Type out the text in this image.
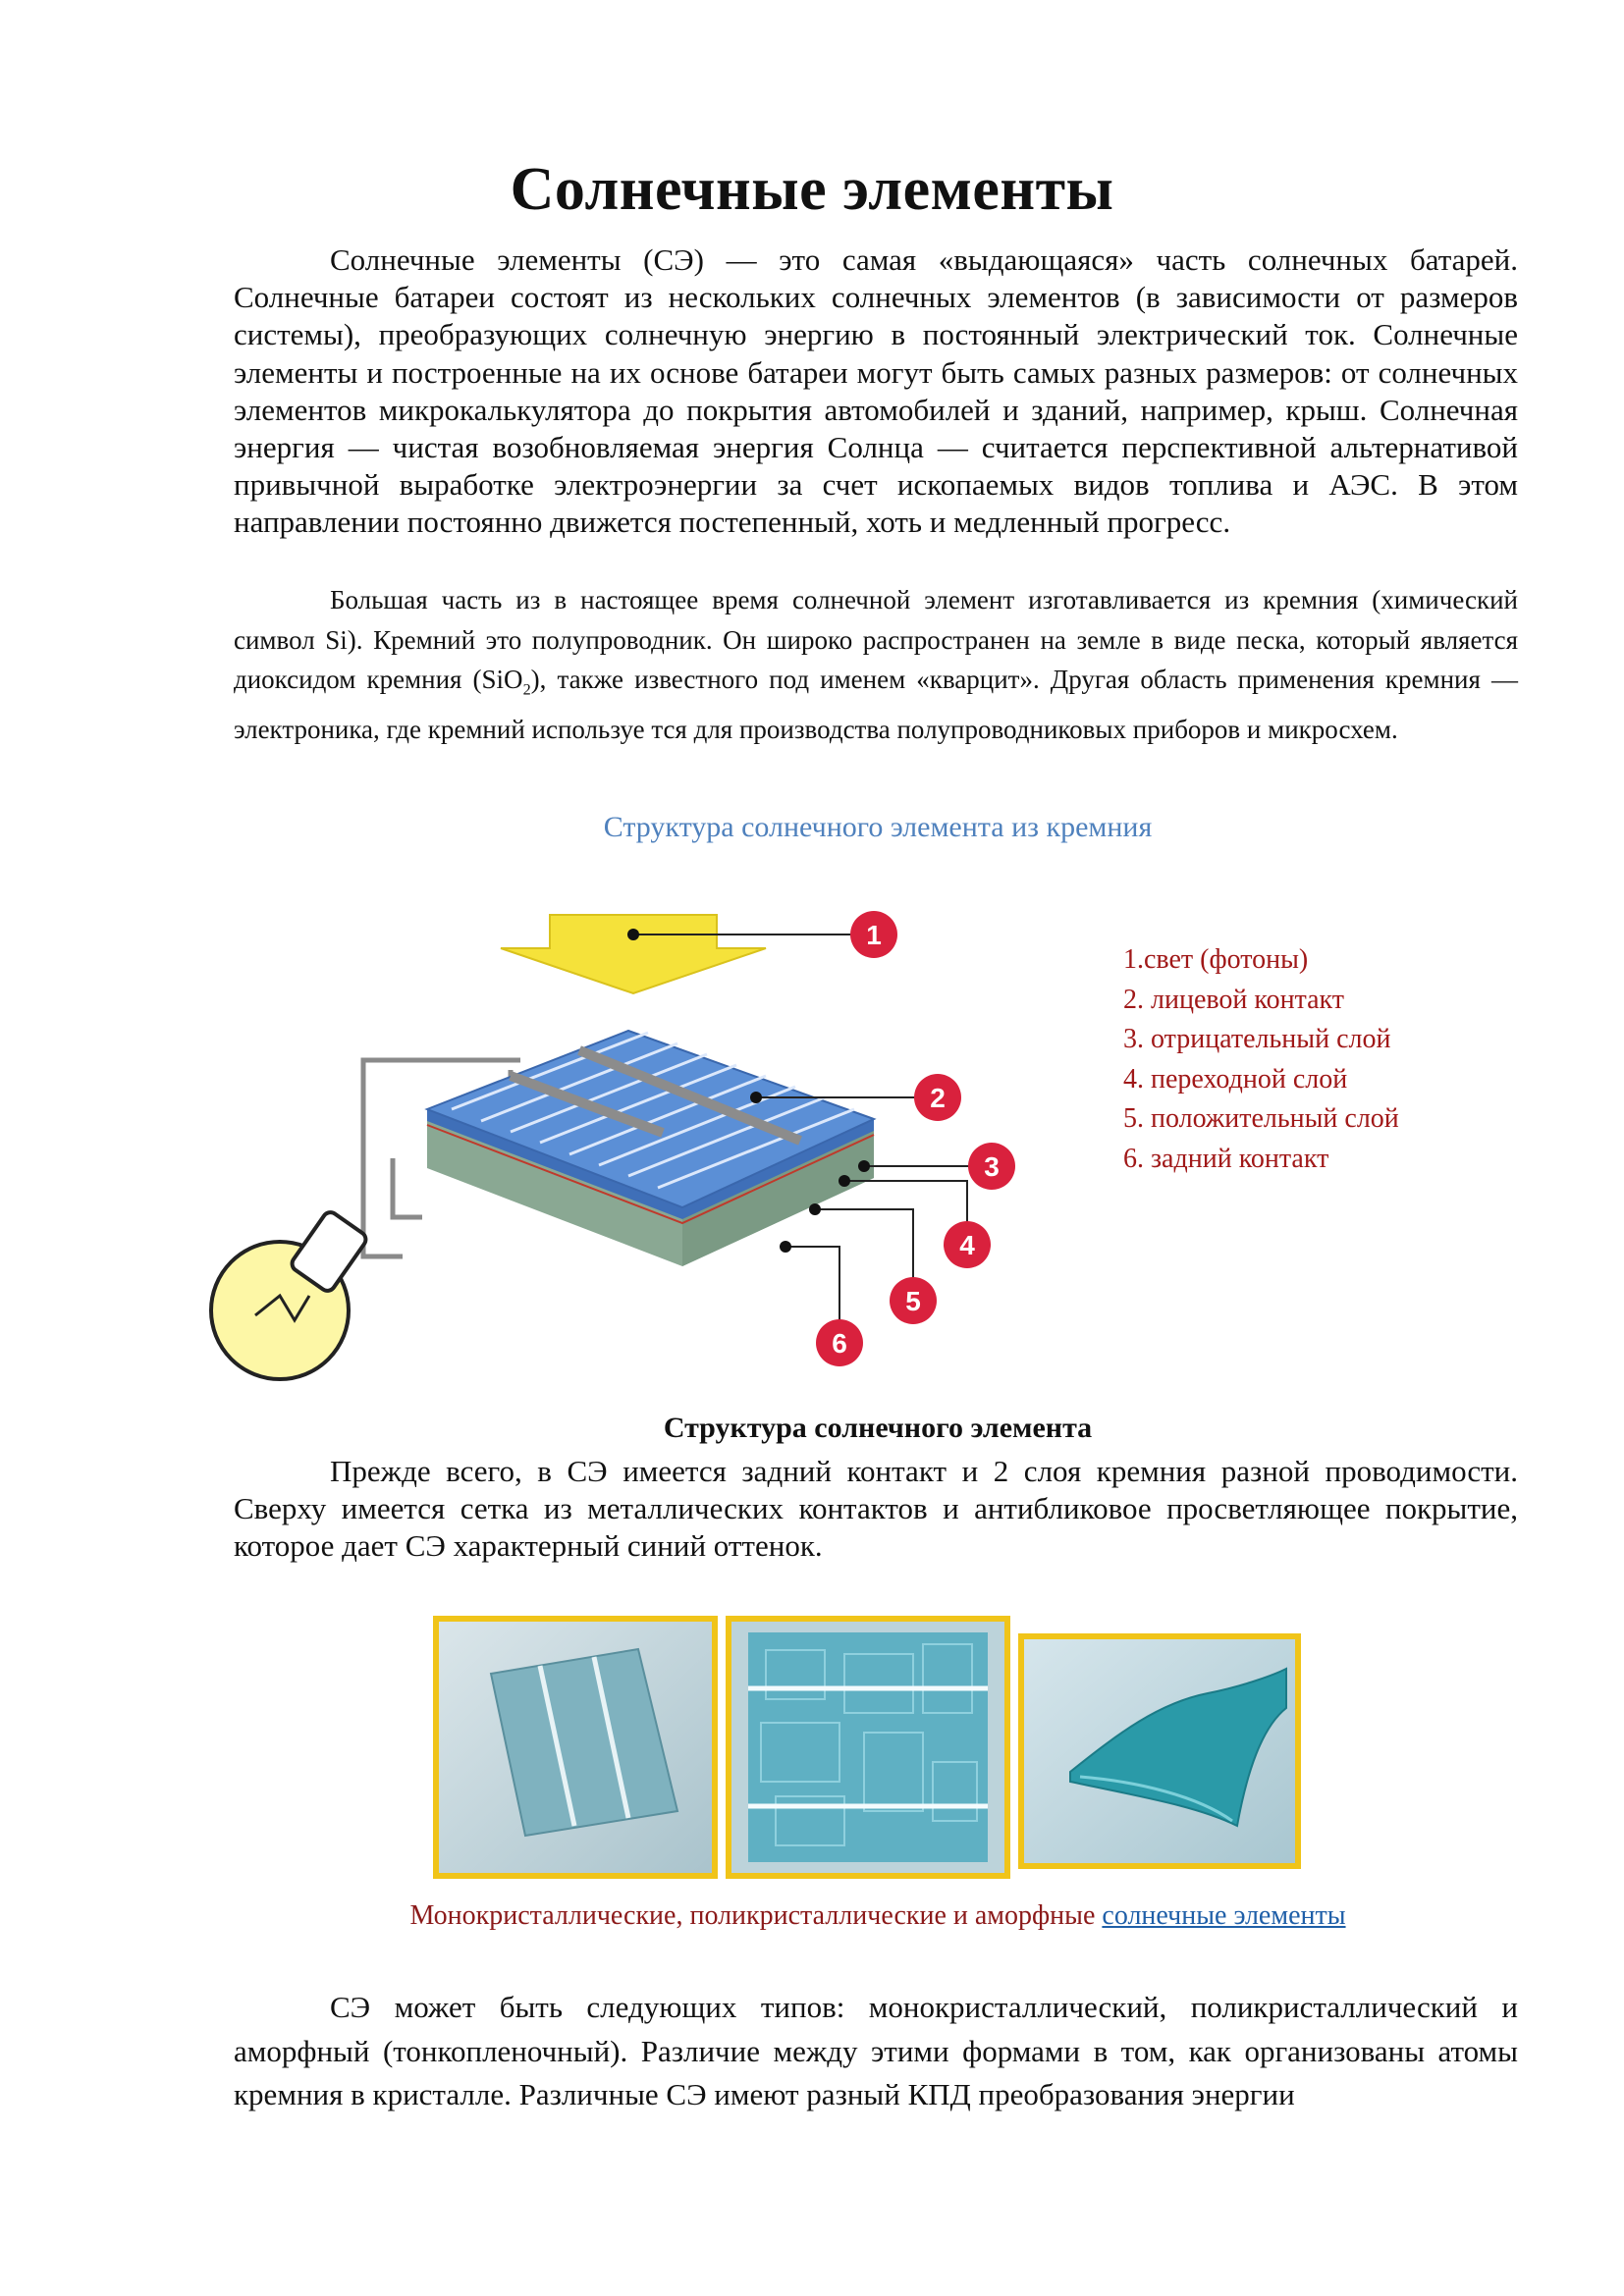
Солнечные элементы

Солнечные элементы (СЭ) — это самая «выдающаяся» часть солнечных батарей. Солнечные батареи состоят из нескольких солнечных элементов (в зависимости от размеров системы), преобразующих солнечную энергию в постоянный электрический ток. Солнечные элементы и построенные на их основе батареи могут быть самых разных размеров: от солнечных элементов микрокалькулятора до покрытия автомобилей и зданий, например, крыш. Солнечная энергия — чистая возобновляемая энергия Солнца — считается перспективной альтернативой привычной выработке электроэнергии за счет ископаемых видов топлива и АЭС. В этом направлении постоянно движется постепенный, хоть и медленный прогресс.

Большая часть из в настоящее время солнечной элемент изготавливается из кремния (химический символ Si). Кремний это полупроводник. Он широко распространен на земле в виде песка, который является диоксидом кремния (SiO$_2$), также известного под именем «кварцит». Другая область применения кремния — электроника, где кремний используе тся для производства полупроводниковых приборов и микросхем.

Структура солнечного элемента из кремния
1
2
3
4
5
6
1.свет (фотоны)
2. лицевой контакт
3. отрицательный слой
4. переходной слой
5. положительный слой
6. задний контакт
Структура солнечного элемента

Прежде всего, в СЭ имеется задний контакт и 2 слоя кремния разной проводимости. Сверху имеется сетка из металлических контактов и антибликовое просветляющее покрытие, которое дает СЭ характерный синий оттенок.

Монокристаллические, поликристаллические и аморфные солнечные элементы

СЭ может быть следующих типов: монокристаллический, поликристаллический и аморфный (тонкопленочный). Различие между этими формами в том, как организованы атомы кремния в кристалле. Различные СЭ имеют разный КПД преобразования энергии
